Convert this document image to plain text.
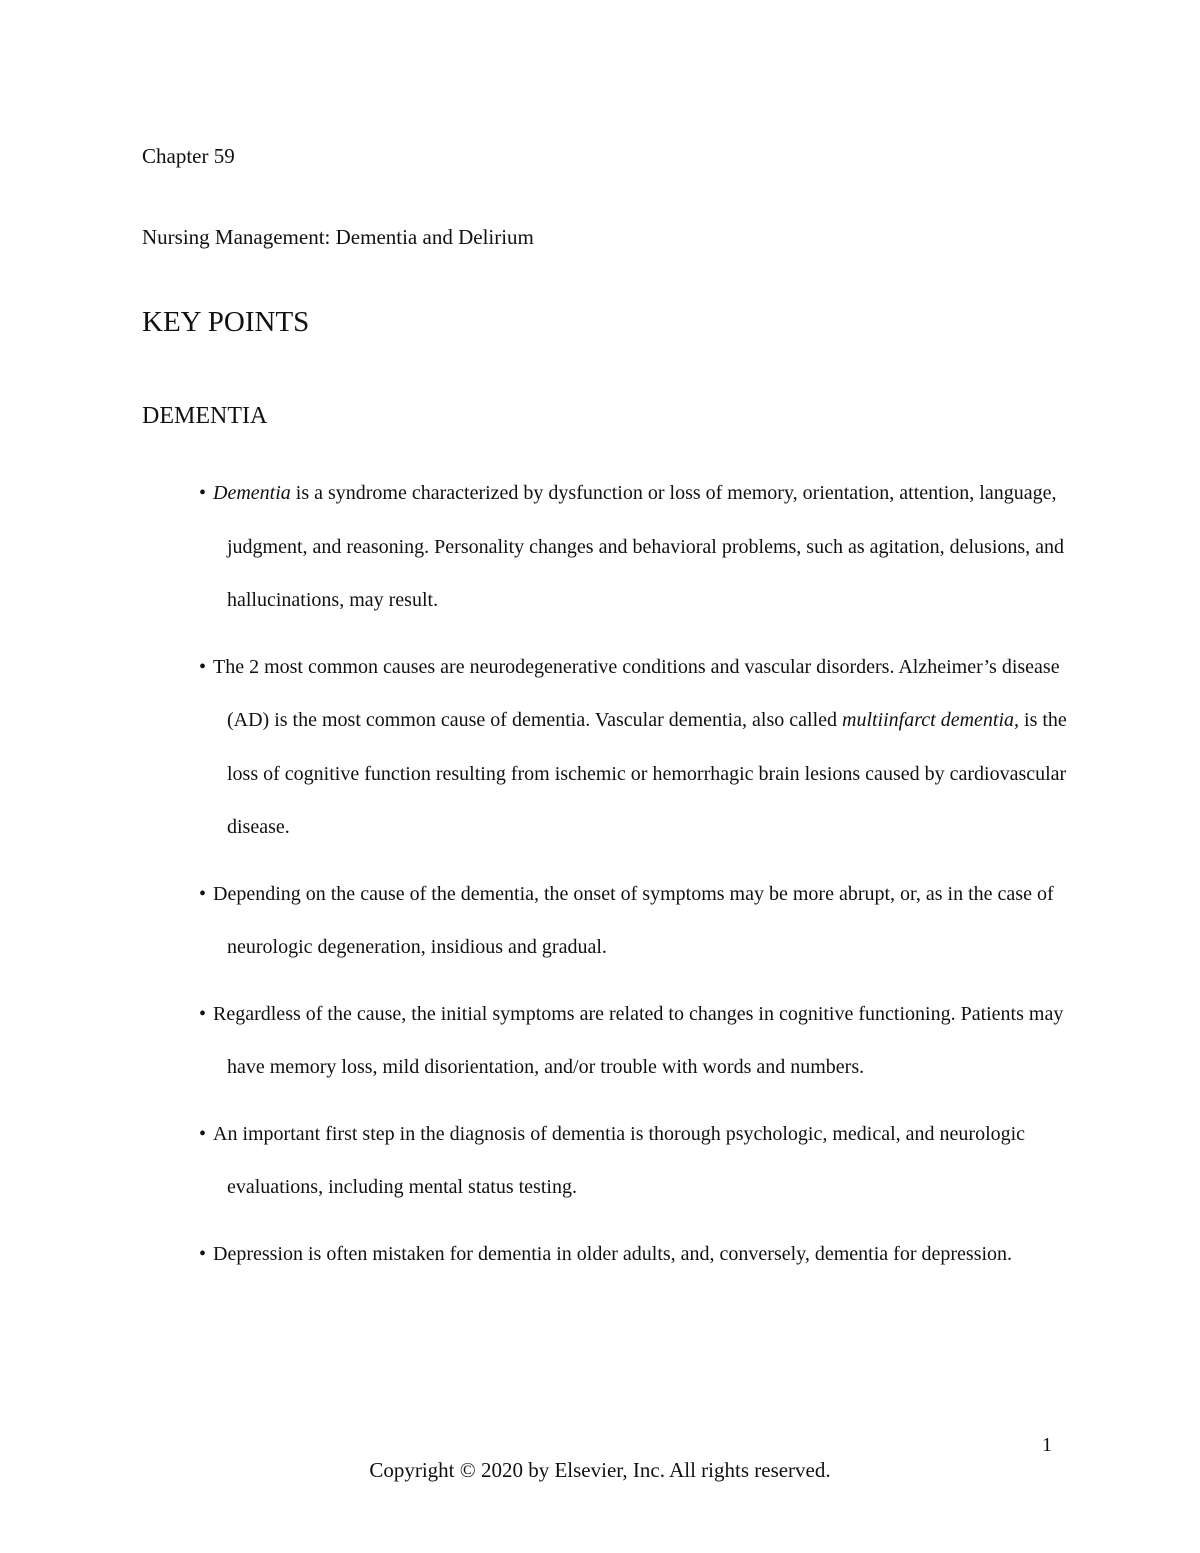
Chapter 59
Nursing Management: Dementia and Delirium
KEY POINTS
DEMENTIA
• Dementia is a syndrome characterized by dysfunction or loss of memory, orientation, attention, language, judgment, and reasoning. Personality changes and behavioral problems, such as agitation, delusions, and hallucinations, may result.
• The 2 most common causes are neurodegenerative conditions and vascular disorders. Alzheimer’s disease (AD) is the most common cause of dementia. Vascular dementia, also called multiinfarct dementia, is the loss of cognitive function resulting from ischemic or hemorrhagic brain lesions caused by cardiovascular disease.
• Depending on the cause of the dementia, the onset of symptoms may be more abrupt, or, as in the case of neurologic degeneration, insidious and gradual.
• Regardless of the cause, the initial symptoms are related to changes in cognitive functioning. Patients may have memory loss, mild disorientation, and/or trouble with words and numbers.
• An important first step in the diagnosis of dementia is thorough psychologic, medical, and neurologic evaluations, including mental status testing.
• Depression is often mistaken for dementia in older adults, and, conversely, dementia for depression.
1
Copyright © 2020 by Elsevier, Inc. All rights reserved.
